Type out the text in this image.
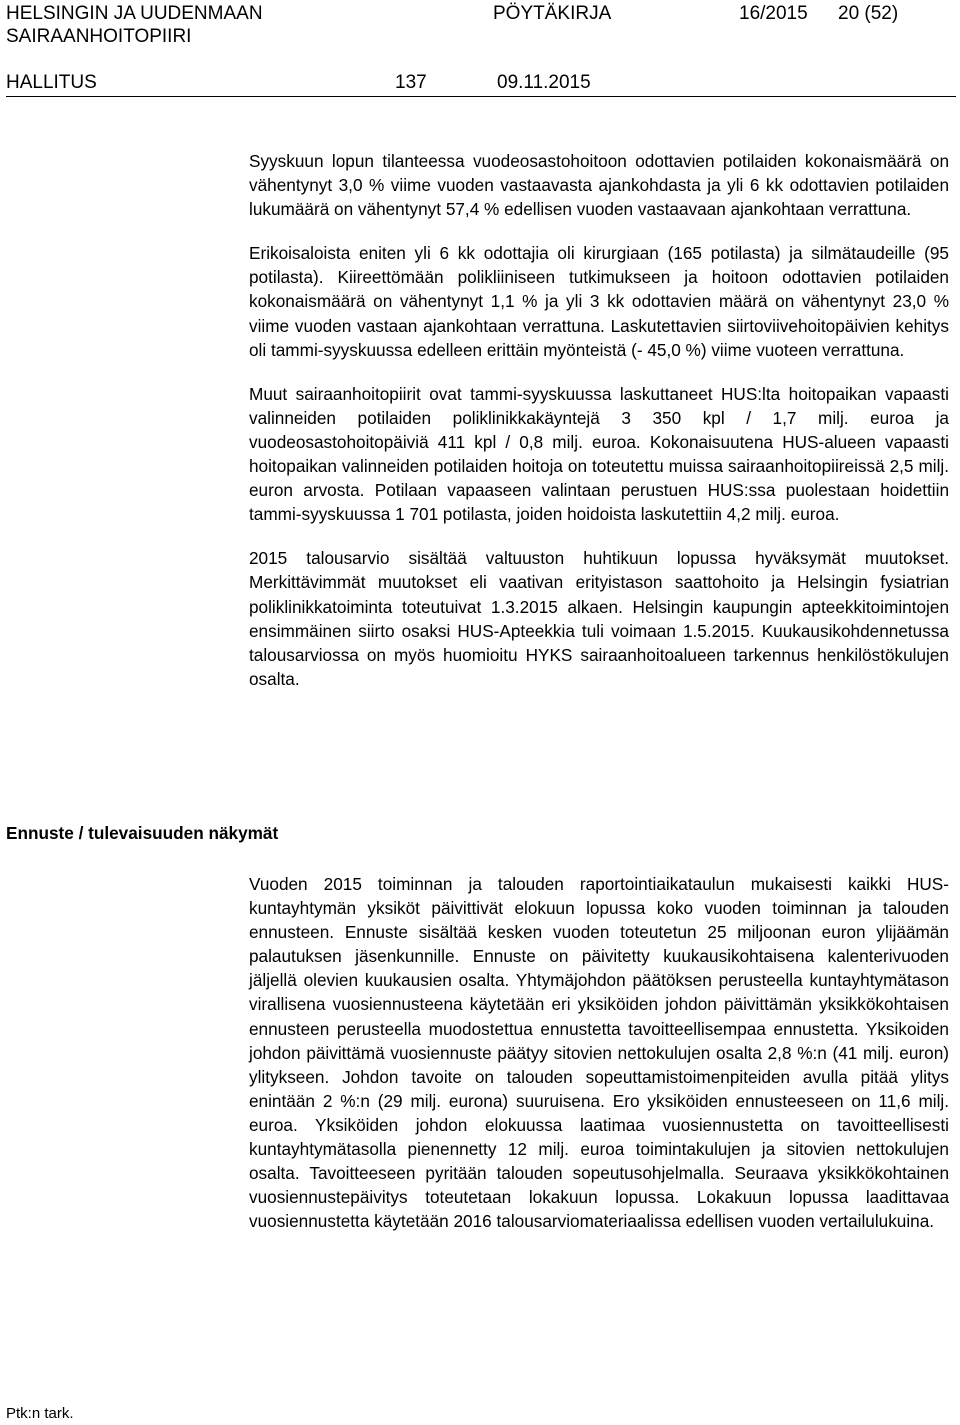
HELSINGIN JA UUDENMAAN
SAIRAANHOITOPIIRI
PÖYTÄKIRJA	16/2015 20 (52)
HALLITUS	137	09.11.2015

Syyskuun lopun tilanteessa vuodeosastohoitoon odottavien potilaiden kokonaismäärä on vähentynyt 3,0 % viime vuoden vastaavasta ajankohdasta ja yli 6 kk odottavien potilaiden lukumäärä on vähentynyt 57,4 % edellisen vuoden vastaavaan ajankohtaan verrattuna.

Erikoisaloista eniten yli 6 kk odottajia oli kirurgiaan (165 potilasta) ja silmätaudeille (95 potilasta). Kiireettömään polikliiniseen tutkimukseen ja hoitoon odottavien potilaiden kokonaismäärä on vähentynyt 1,1 % ja yli 3 kk odottavien määrä on vähentynyt 23,0 % viime vuoden vastaan ajankohtaan verrattuna. Laskutettavien siirtoviivehoitopäivien kehitys oli tammi-syyskuussa edelleen erittäin myönteistä (- 45,0 %) viime vuoteen verrattuna.

Muut sairaanhoitopiirit ovat tammi-syyskuussa laskuttaneet HUS:lta hoitopaikan vapaasti valinneiden potilaiden poliklinikkakäyntejä 3 350 kpl / 1,7 milj. euroa ja vuodeosastohoitopäiviä 411 kpl / 0,8 milj. euroa. Kokonaisuutena HUS-alueen vapaasti hoitopaikan valinneiden potilaiden hoitoja on toteutettu muissa sairaanhoitopiireissä 2,5 milj. euron arvosta. Potilaan vapaaseen valintaan perustuen HUS:ssa puolestaan hoidettiin tammi-syyskuussa 1 701 potilasta, joiden hoidoista laskutettiin 4,2 milj. euroa.

2015 talousarvio sisältää valtuuston huhtikuun lopussa hyväksymät muutokset. Merkittävimmät muutokset eli vaativan erityistason saattohoito ja Helsingin fysiatrian poliklinikkatoiminta toteutuivat 1.3.2015 alkaen. Helsingin kaupungin apteekkitoimintojen ensimmäinen siirto osaksi HUS-Apteekkia tuli voimaan 1.5.2015. Kuukausikohdennetussa talousarviossa on myös huomioitu HYKS sairaanhoitoalueen tarkennus henkilöstökulujen osalta.

Ennuste / tulevaisuuden näkymät

Vuoden 2015 toiminnan ja talouden raportointiaikataulun mukaisesti kaikki HUS-kuntayhtymän yksiköt päivittivät elokuun lopussa koko vuoden toiminnan ja talouden ennusteen. Ennuste sisältää kesken vuoden toteutetun 25 miljoonan euron ylijäämän palautuksen jäsenkunnille. Ennuste on päivitetty kuukausikohtaisena kalenterivuoden jäljellä olevien kuukausien osalta. Yhtymäjohdon päätöksen perusteella kuntayhtymätason virallisena vuosiennusteena käytetään eri yksiköiden johdon päivittämän yksikkökohtaisen ennusteen perusteella muodostettua ennustetta tavoitteellisempaa ennustetta. Yksikoiden johdon päivittämä vuosiennuste päätyy sitovien nettokulujen osalta 2,8 %:n (41 milj. euron) ylitykseen. Johdon tavoite on talouden sopeuttamistoimenpiteiden avulla pitää ylitys enintään 2 %:n (29 milj. eurona) suuruisena. Ero yksiköiden ennusteeseen on 11,6 milj. euroa. Yksiköiden johdon elokuussa laatimaa vuosiennustetta on tavoitteellisesti kuntayhtymätasolla pienennetty 12 milj. euroa toimintakulujen ja sitovien nettokulujen osalta. Tavoitteeseen pyritään talouden sopeutusohjelmalla. Seuraava yksikkökohtainen vuosiennustepäivitys toteutetaan lokakuun lopussa. Lokakuun lopussa laadittavaa vuosiennustetta käytetään 2016 talousarviomateriaalissa edellisen vuoden vertailulukuina.

Ptk:n tark.
